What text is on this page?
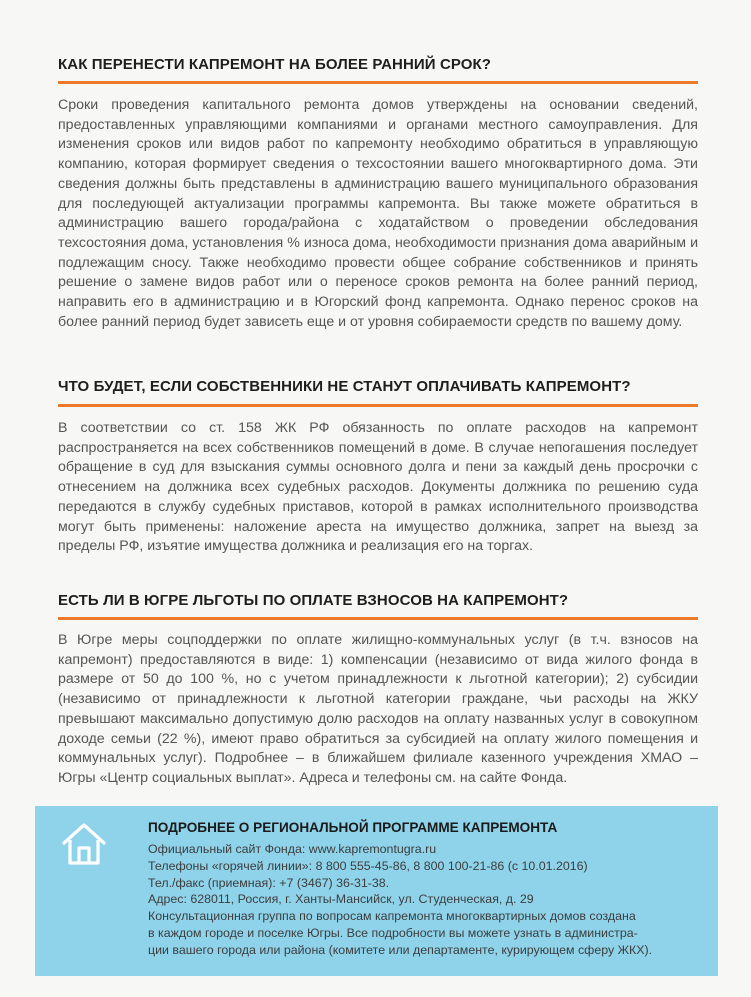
КАК ПЕРЕНЕСТИ КАПРЕМОНТ НА БОЛЕЕ РАННИЙ СРОК?

Сроки проведения капитального ремонта домов утверждены на основании сведений, предоставленных управляющими компаниями и органами местного самоуправления. Для изменения сроков или видов работ по капремонту необходимо обратиться в управляющую компанию, которая формирует сведения о техсостоянии вашего многоквартирного дома. Эти сведения должны быть представлены в администрацию вашего муниципального образования для последующей актуализации программы капремонта. Вы также можете обратиться в администрацию вашего города/района с ходатайством о проведении обследования техсостояния дома, установления % износа дома, необходимости признания дома аварийным и подлежащим сносу. Также необходимо провести общее собрание собственников и принять решение о замене видов работ или о переносе сроков ремонта на более ранний период, направить его в администрацию и в Югорский фонд капремонта. Однако перенос сроков на более ранний период будет зависеть еще и от уровня собираемости средств по вашему дому.

ЧТО БУДЕТ, ЕСЛИ СОБСТВЕННИКИ НЕ СТАНУТ ОПЛАЧИВАТЬ КАПРЕМОНТ?

В соответствии со ст. 158 ЖК РФ обязанность по оплате расходов на капремонт распространяется на всех собственников помещений в доме. В случае непогашения последует обращение в суд для взыскания суммы основного долга и пени за каждый день просрочки с отнесением на должника всех судебных расходов. Документы должника по решению суда передаются в службу судебных приставов, которой в рамках исполнительного производства могут быть применены: наложение ареста на имущество должника, запрет на выезд за пределы РФ, изъятие имущества должника и реализация его на торгах.

ЕСТЬ ЛИ В ЮГРЕ ЛЬГОТЫ ПО ОПЛАТЕ ВЗНОСОВ НА КАПРЕМОНТ?

В Югре меры соцподдержки по оплате жилищно-коммунальных услуг (в т.ч. взносов на капремонт) предоставляются в виде: 1) компенсации (независимо от вида жилого фонда в размере от 50 до 100 %, но с учетом принадлежности к льготной категории); 2) субсидии (независимо от принадлежности к льготной категории граждане, чьи расходы на ЖКУ превышают максимально допустимую долю расходов на оплату названных услуг в совокупном доходе семьи (22 %), имеют право обратиться за субсидией на оплату жилого помещения и коммунальных услуг). Подробнее – в ближайшем филиале казенного учреждения ХМАО – Югры «Центр социальных выплат». Адреса и телефоны см. на сайте Фонда.

ПОДРОБНЕЕ О РЕГИОНАЛЬНОЙ ПРОГРАММЕ КАПРЕМОНТА
Официальный сайт Фонда: www.kapremontugra.ru
Телефоны «горячей линии»: 8 800 555-45-86, 8 800 100-21-86 (с 10.01.2016)
Тел./факс (приемная): +7 (3467) 36-31-38.
Адрес: 628011, Россия, г. Ханты-Мансийск, ул. Студенческая, д. 29
Консультационная группа по вопросам капремонта многоквартирных домов создана
в каждом городе и поселке Югры. Все подробности вы можете узнать в администра-
ции вашего города или района (комитете или департаменте, курирующем сферу ЖКХ).
